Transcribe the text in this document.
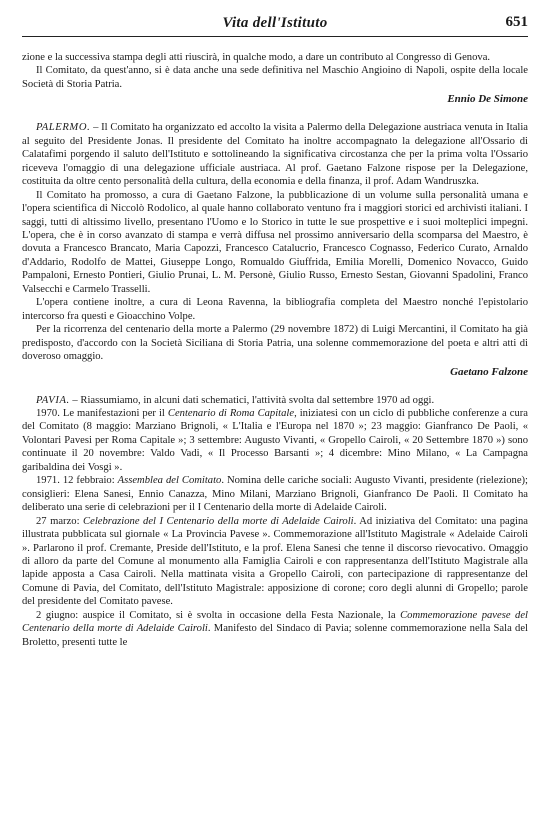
Vita dell'Istituto	651

zione e la successiva stampa degli atti riuscirà, in qualche modo, a dare un contributo al Congresso di Genova.

Il Comitato, da quest'anno, si è data anche una sede definitiva nel Maschio Angioino di Napoli, ospite della locale Società di Storia Patria.

Ennio De Simone

PALERMO. – Il Comitato ha organizzato ed accolto la visita a Palermo della Delegazione austriaca venuta in Italia al seguito del Presidente Jonas. Il presidente del Comitato ha inoltre accompagnato la delegazione all'Ossario di Calatafimi porgendo il saluto dell'Istituto e sottolineando la significativa circostanza che per la prima volta l'Ossario riceveva l'omaggio di una delegazione ufficiale austriaca. Al prof. Gaetano Falzone rispose per la Delegazione, costituita da oltre cento personalità della cultura, della economia e della finanza, il prof. Adam Wandruszka.

Il Comitato ha promosso, a cura di Gaetano Falzone, la pubblicazione di un volume sulla personalità umana e l'opera scientifica di Niccolò Rodolico, al quale hanno collaborato ventuno fra i maggiori storici ed archivisti italiani. I saggi, tutti di altissimo livello, presentano l'Uomo e lo Storico in tutte le sue prospettive e i suoi molteplici impegni. L'opera, che è in corso avanzato di stampa e verrà diffusa nel prossimo anniversario della scomparsa del Maestro, è dovuta a Francesco Brancato, Maria Capozzi, Francesco Catalucrio, Francesco Cognasso, Federico Curato, Arnaldo d'Addario, Rodolfo de Mattei, Giuseppe Longo, Romualdo Giuffrida, Emilia Morelli, Domenico Novacco, Guido Pampaloni, Ernesto Pontieri, Giulio Prunai, L. M. Personè, Giulio Russo, Ernesto Sestan, Giovanni Spadolini, Franco Valsecchi e Carmelo Trasselli.

L'opera contiene inoltre, a cura di Leona Ravenna, la bibliografia completa del Maestro nonché l'epistolario intercorso fra questi e Gioacchino Volpe.

Per la ricorrenza del centenario della morte a Palermo (29 novembre 1872) di Luigi Mercantini, il Comitato ha già predisposto, d'accordo con la Società Siciliana di Storia Patria, una solenne commemorazione del poeta e altri atti di doveroso omaggio.

Gaetano Falzone

PAVIA. – Riassumiamo, in alcuni dati schematici, l'attività svolta dal settembre 1970 ad oggi.

1970. Le manifestazioni per il Centenario di Roma Capitale, iniziatesi con un ciclo di pubbliche conferenze a cura del Comitato (8 maggio: Marziano Brignoli, « L'Italia e l'Europa nel 1870 »; 23 maggio: Gianfranco De Paoli, « Volontari Pavesi per Roma Capitale »; 3 settembre: Augusto Vivanti, « Gropello Cairoli, « 20 Settembre 1870 ») sono continuate il 20 novembre: Valdo Vadi, « Il Processo Barsanti »; 4 dicembre: Mino Milano, « La Campagna garibaldina dei Vosgi ».

1971. 12 febbraio: Assemblea del Comitato. Nomina delle cariche sociali: Augusto Vivanti, presidente (rielezione); consiglieri: Elena Sanesi, Ennio Canazza, Mino Milani, Marziano Brignoli, Gianfranco De Paoli. Il Comitato ha deliberato una serie di celebrazioni per il I Centenario della morte di Adelaide Cairoli.

27 marzo: Celebrazione del I Centenario della morte di Adelaide Cairoli. Ad iniziativa del Comitato: una pagina illustrata pubblicata sul giornale « La Provincia Pavese ». Commemorazione all'Istituto Magistrale « Adelaide Cairoli ». Parlarono il prof. Cremante, Preside dell'Istituto, e la prof. Elena Sanesi che tenne il discorso rievocativo. Omaggio di alloro da parte del Comune al monumento alla Famiglia Cairoli e con rappresentanza dell'Istituto Magistrale alla lapide apposta a Casa Cairoli. Nella mattinata visita a Gropello Cairoli, con partecipazione di rappresentanze del Comune di Pavia, del Comitato, dell'Istituto Magistrale: apposizione di corone; coro degli alunni di Gropello; parole del presidente del Comitato pavese.

2 giugno: auspice il Comitato, si è svolta in occasione della Festa Nazionale, la Commemorazione pavese del Centenario della morte di Adelaide Cairoli. Manifesto del Sindaco di Pavia; solenne commemorazione nella Sala del Broletto, presenti tutte le
